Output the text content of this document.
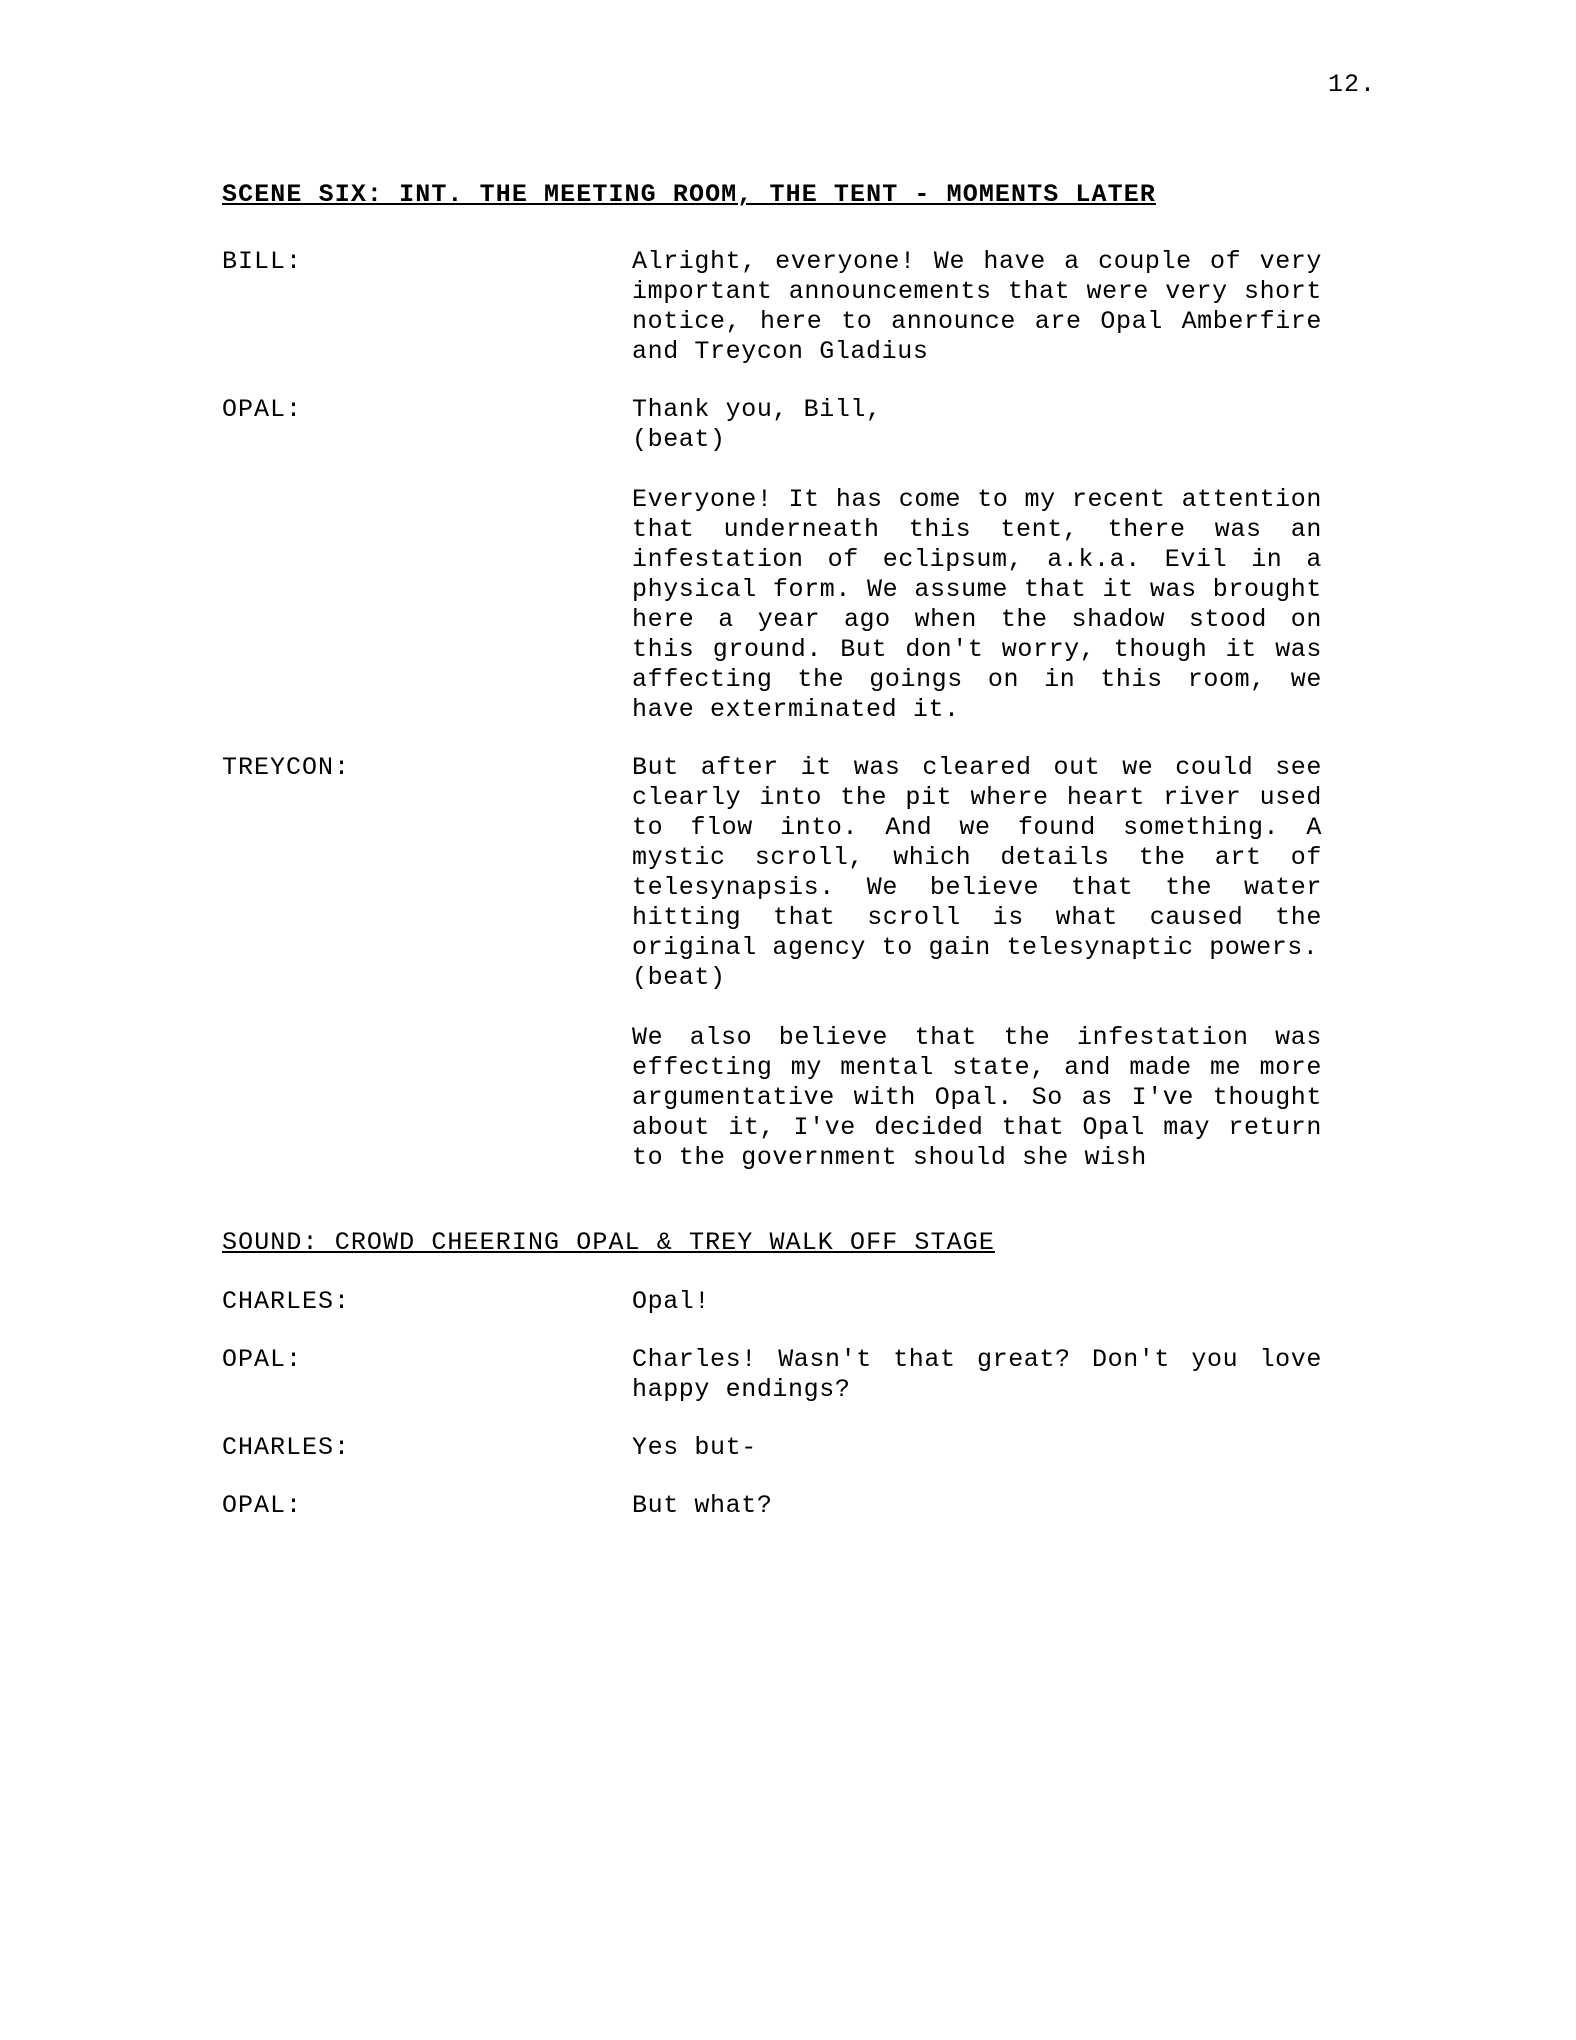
12.
SCENE SIX: INT. THE MEETING ROOM, THE TENT - MOMENTS LATER
BILL:	Alright, everyone! We have a couple of very important announcements that were very short notice, here to announce are Opal Amberfire and Treycon Gladius

OPAL:	Thank you, Bill,

(beat)

Everyone! It has come to my recent attention that underneath this tent, there was an infestation of eclipsum, a.k.a. Evil in a physical form. We assume that it was brought here a year ago when the shadow stood on this ground. But don't worry, though it was affecting the goings on in this room, we have exterminated it.

TREYCON:	But after it was cleared out we could see clearly into the pit where heart river used to flow into. And we found something. A mystic scroll, which details the art of telesynapsis. We believe that the water hitting that scroll is what caused the original agency to gain telesynaptic powers.

(beat)

We also believe that the infestation was effecting my mental state, and made me more argumentative with Opal. So as I've thought about it, I've decided that Opal may return to the government should she wish

SOUND: CROWD CHEERING OPAL & TREY WALK OFF STAGE
CHARLES:	Opal!

OPAL:	Charles! Wasn't that great? Don't you love happy endings?

CHARLES:	Yes but-

OPAL:	But what?
